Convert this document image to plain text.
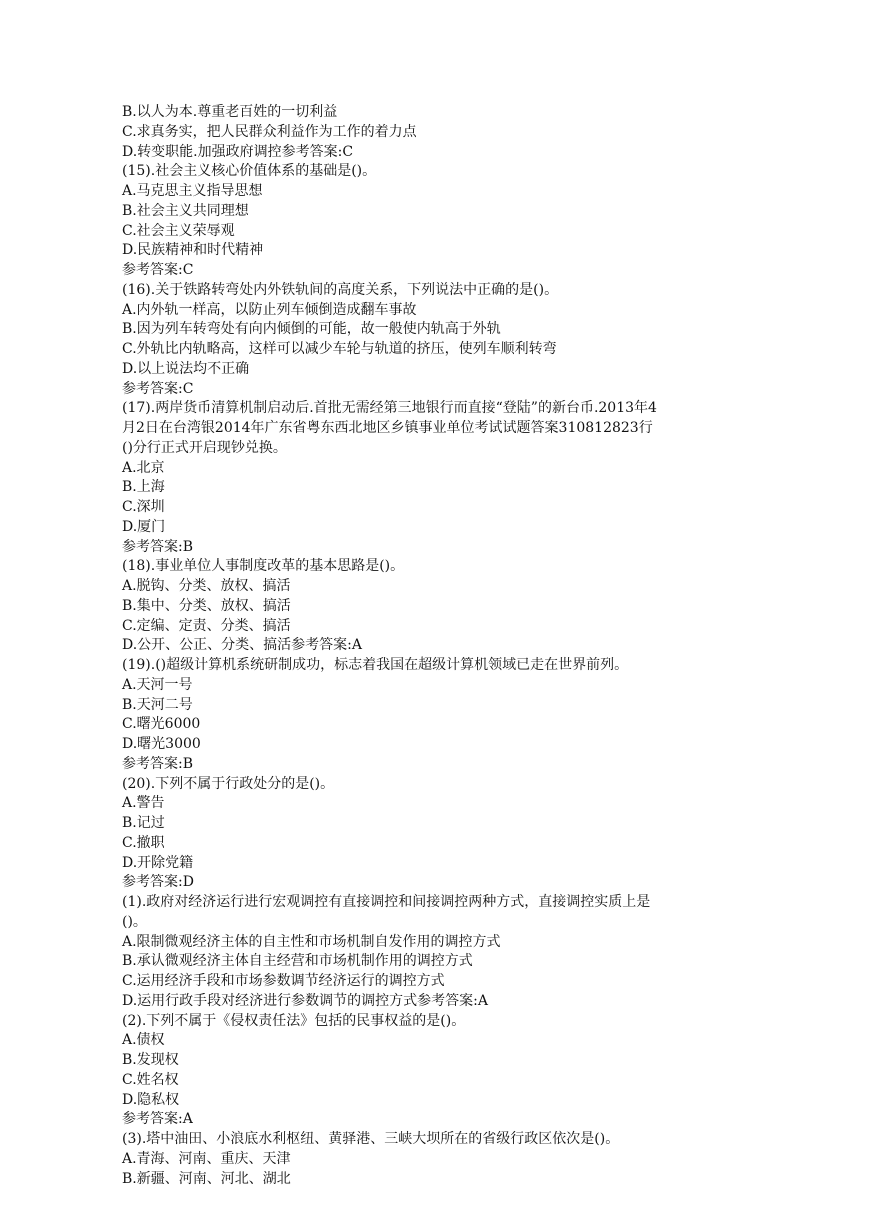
B.以人为本.尊重老百姓的一切利益
C.求真务实，把人民群众利益作为工作的着力点
D.转变职能.加强政府调控参考答案:C
(15).社会主义核心价值体系的基础是()。
A.马克思主义指导思想
B.社会主义共同理想
C.社会主义荣辱观
D.民族精神和时代精神
参考答案:C
(16).关于铁路转弯处内外铁轨间的高度关系，下列说法中正确的是()。
A.内外轨一样高，以防止列车倾倒造成翻车事故
B.因为列车转弯处有向内倾倒的可能，故一般使内轨高于外轨
C.外轨比内轨略高，这样可以减少车轮与轨道的挤压，使列车顺利转弯
D.以上说法均不正确
参考答案:C
(17).两岸货币清算机制启动后.首批无需经第三地银行而直接“登陆”的新台币.2013年4
月2日在台湾银2014年广东省粤东西北地区乡镇事业单位考试试题答案310812823行
()分行正式开启现钞兑换。
A.北京
B.上海
C.深圳
D.厦门
参考答案:B
(18).事业单位人事制度改革的基本思路是()。
A.脱钩、分类、放权、搞活
B.集中、分类、放权、搞活
C.定编、定责、分类、搞活
D.公开、公正、分类、搞活参考答案:A
(19).()超级计算机系统研制成功，标志着我国在超级计算机领域已走在世界前列。
A.天河一号
B.天河二号
C.曙光6000
D.曙光3000
参考答案:B
(20).下列不属于行政处分的是()。
A.警告
B.记过
C.撤职
D.开除党籍
参考答案:D
(1).政府对经济运行进行宏观调控有直接调控和间接调控两种方式，直接调控实质上是
()。
A.限制微观经济主体的自主性和市场机制自发作用的调控方式
B.承认微观经济主体自主经营和市场机制作用的调控方式
C.运用经济手段和市场参数调节经济运行的调控方式
D.运用行政手段对经济进行参数调节的调控方式参考答案:A
(2).下列不属于《侵权责任法》包括的民事权益的是()。
A.债权
B.发现权
C.姓名权
D.隐私权
参考答案:A
(3).塔中油田、小浪底水利枢纽、黄驿港、三峡大坝所在的省级行政区依次是()。
A.青海、河南、重庆、天津
B.新疆、河南、河北、湖北
